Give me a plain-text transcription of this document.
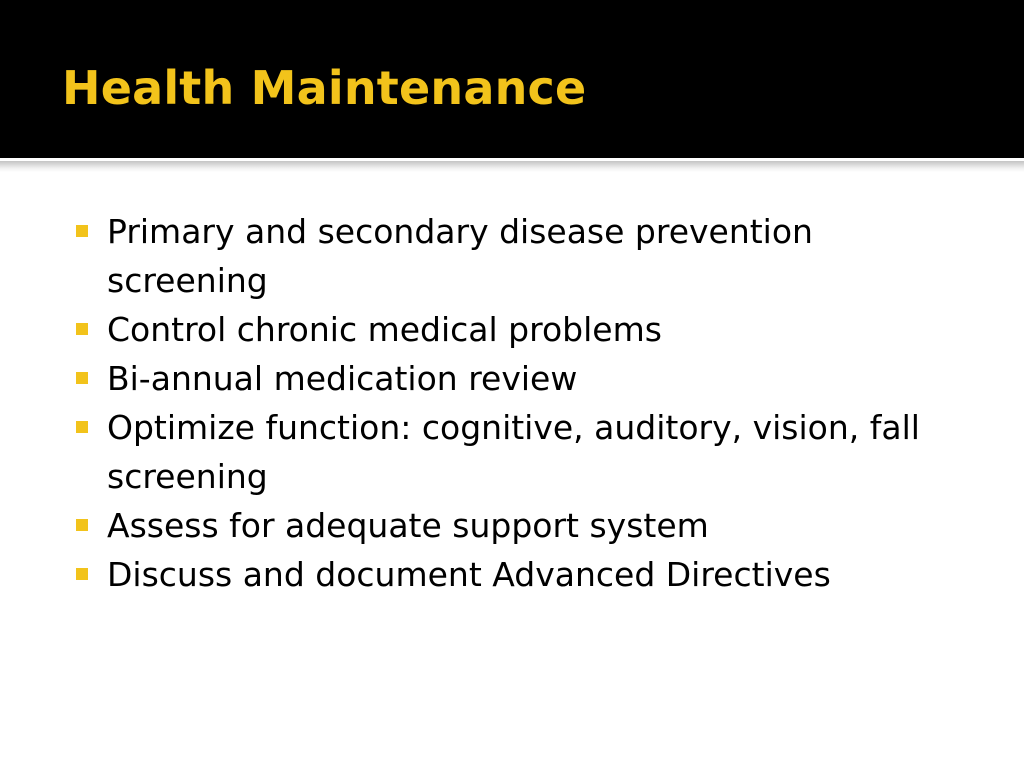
Health Maintenance
Primary and secondary disease prevention screening
Control chronic medical problems
Bi-annual medication review
Optimize function: cognitive, auditory, vision, fall screening
Assess for adequate support system
Discuss and document Advanced Directives
